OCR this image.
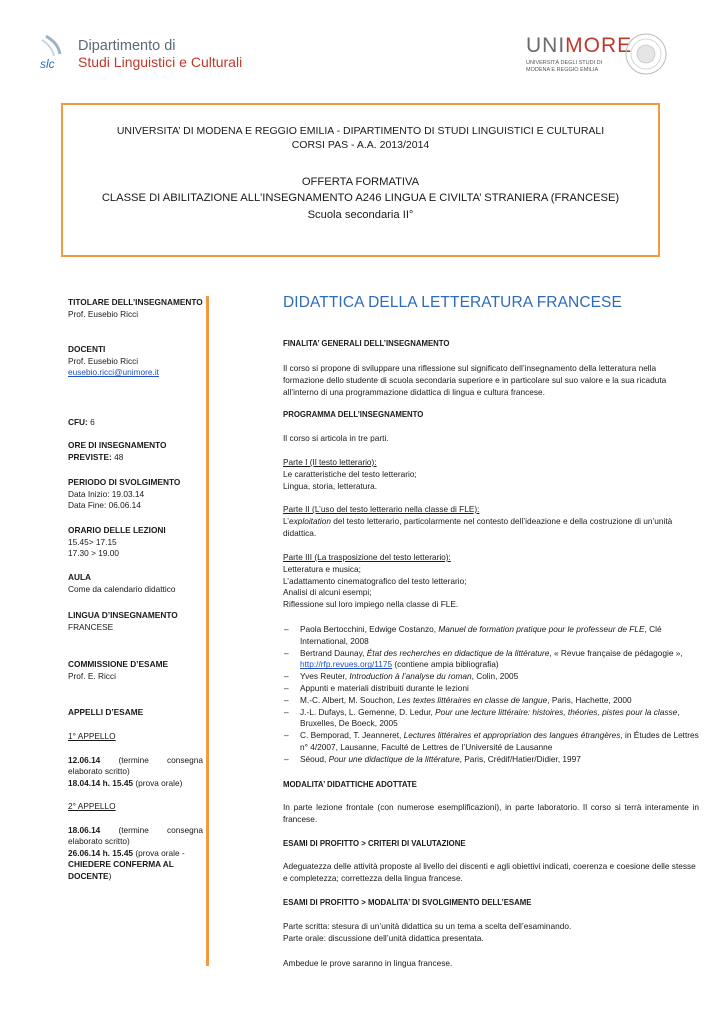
slc
Dipartimento di
Studi Linguistici e Culturali
UNIMORE
UNIVERSITÀ DEGLI STUDI DI
MODENA E REGGIO EMILIA
UNIVERSITA’ DI MODENA E REGGIO EMILIA - DIPARTIMENTO DI STUDI LINGUISTICI E CULTURALI
CORSI PAS - A.A. 2013/2014
OFFERTA FORMATIVA
CLASSE DI ABILITAZIONE ALL'INSEGNAMENTO A246 LINGUA E CIVILTA’ STRANIERA (FRANCESE)
Scuola secondaria II°
TITOLARE DELL’INSEGNAMENTO
Prof. Eusebio Ricci
DOCENTI
Prof. Eusebio Ricci
eusebio.ricci@unimore.it
CFU: 6
ORE DI INSEGNAMENTO
PREVISTE: 48
PERIODO DI SVOLGIMENTO
Data Inizio: 19.03.14
Data Fine: 06.06.14
ORARIO DELLE LEZIONI
15.45> 17.15
17.30 > 19.00
AULA
Come da calendario didattico
LINGUA D’INSEGNAMENTO
FRANCESE
COMMISSIONE D’ESAME
Prof. E. Ricci
APPELLI D’ESAME
1° APPELLO
12.06.14 (termine consegna elaborato scritto)
18.04.14 h. 15.45 (prova orale)
2° APPELLO
18.06.14 (termine consegna elaborato scritto)
26.06.14 h. 15.45 (prova orale - CHIEDERE CONFERMA AL DOCENTE)
DIDATTICA DELLA LETTERATURA FRANCESE
FINALITA’ GENERALI DELL’INSEGNAMENTO
Il corso si propone di sviluppare una riflessione sul significato dell’insegnamento della letteratura nella formazione dello studente di scuola secondaria superiore e in particolare sul suo valore e la sua ricaduta all’interno di una programmazione didattica di lingua e cultura francese.
PROGRAMMA DELL’INSEGNAMENTO
Il corso si articola in tre parti.
Parte I (Il testo letterario):
Le caratteristiche del testo letterario;
Lingua, storia, letteratura.
Parte II (L’uso del testo letterario nella classe di FLE):
L’exploitation del testo letterario, particolarmente nel contesto dell’ideazione e della costruzione di un’unità didattica.
Parte III (La trasposizione del testo letterario):
Letteratura e musica;
L’adattamento cinematografico del testo letterario;
Analisi di alcuni esempi;
Riflessione sul loro impiego nella classe di FLE.
– Paola Bertocchini, Edwige Costanzo, Manuel de formation pratique pour le professeur de FLE, Clé International, 2008
– Bertrand Daunay, État des recherches en didactique de la littérature, « Revue française de pédagogie », http://rfp.revues.org/1175 (contiene ampia bibliografia)
– Yves Reuter, Introduction à l’analyse du roman, Colin, 2005
– Appunti e materiali distribuiti durante le lezioni
– M.-C. Albert, M. Souchon, Les textes littéraires en classe de langue, Paris, Hachette, 2000
– J.-L. Dufays, L. Gemenne, D. Ledur, Pour une lecture littéraire: histoires, théories, pistes pour la classe, Bruxelles, De Boeck, 2005
– C. Bemporad, T. Jeanneret, Lectures littéraires et appropriation des langues étrangères, in Études de Lettres n° 4/2007, Lausanne, Faculté de Lettres de l’Université de Lausanne
– Séoud, Pour une didactique de la littérature, Paris, Crédif/Hatier/Didier, 1997
MODALITA’ DIDATTICHE ADOTTATE
In parte lezione frontale (con numerose esemplificazioni), in parte laboratorio. Il corso si terrà interamente in francese.
ESAMI DI PROFITTO > CRITERI DI VALUTAZIONE
Adeguatezza delle attività proposte al livello dei discenti e agli obiettivi indicati, coerenza e coesione delle stesse e completezza; correttezza della lingua francese.
ESAMI DI PROFITTO > MODALITA’ DI SVOLGIMENTO DELL’ESAME
Parte scritta: stesura di un’unità didattica su un tema a scelta dell’esaminando.
Parte orale: discussione dell’unità didattica presentata.
Ambedue le prove saranno in lingua francese.
